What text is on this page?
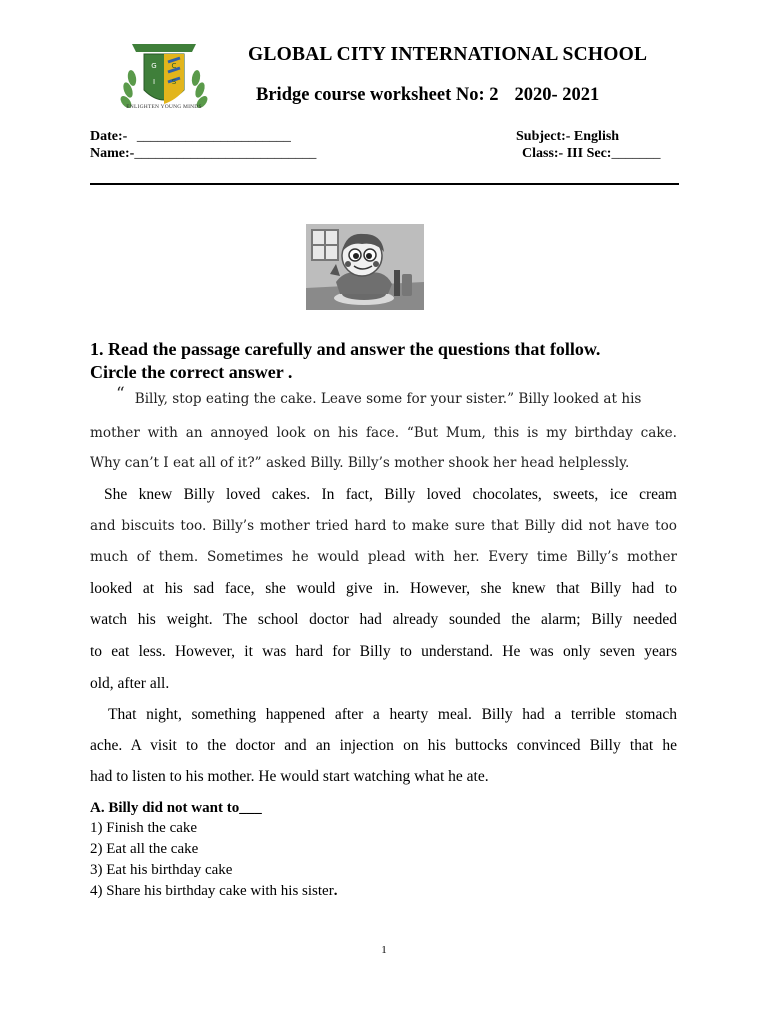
G C
I S
ENLIGHTEN YOUNG MINDS
GLOBAL CITY INTERNATIONAL SCHOOL
Bridge course worksheet No: 2 2020- 2021
Date:- ______________________
Name:-__________________________
Subject:- English
Class:- III Sec:_______
1. Read the passage carefully and answer the questions that follow.
Circle the correct answer .
“ Billy, stop eating the cake. Leave some for your sister.” Billy looked at his
mother with an annoyed look on his face. “But Mum, this is my birthday cake.
Why can’t I eat all of it?” asked Billy. Billy’s mother shook her head helplessly.
She knew Billy loved cakes. In fact, Billy loved chocolates, sweets, ice cream
and biscuits too. Billy’s mother tried hard to make sure that Billy did not have too
much of them. Sometimes he would plead with her. Every time Billy’s mother
looked at his sad face, she would give in. However, she knew that Billy had to
watch his weight. The school doctor had already sounded the alarm; Billy needed
to eat less. However, it was hard for Billy to understand. He was only seven years
old, after all.
That night, something happened after a hearty meal. Billy had a terrible stomach
ache. A visit to the doctor and an injection on his buttocks convinced Billy that he
had to listen to his mother. He would start watching what he ate.
A. Billy did not want to___
1) Finish the cake
2) Eat all the cake
3) Eat his birthday cake
4) Share his birthday cake with his sister.
1
